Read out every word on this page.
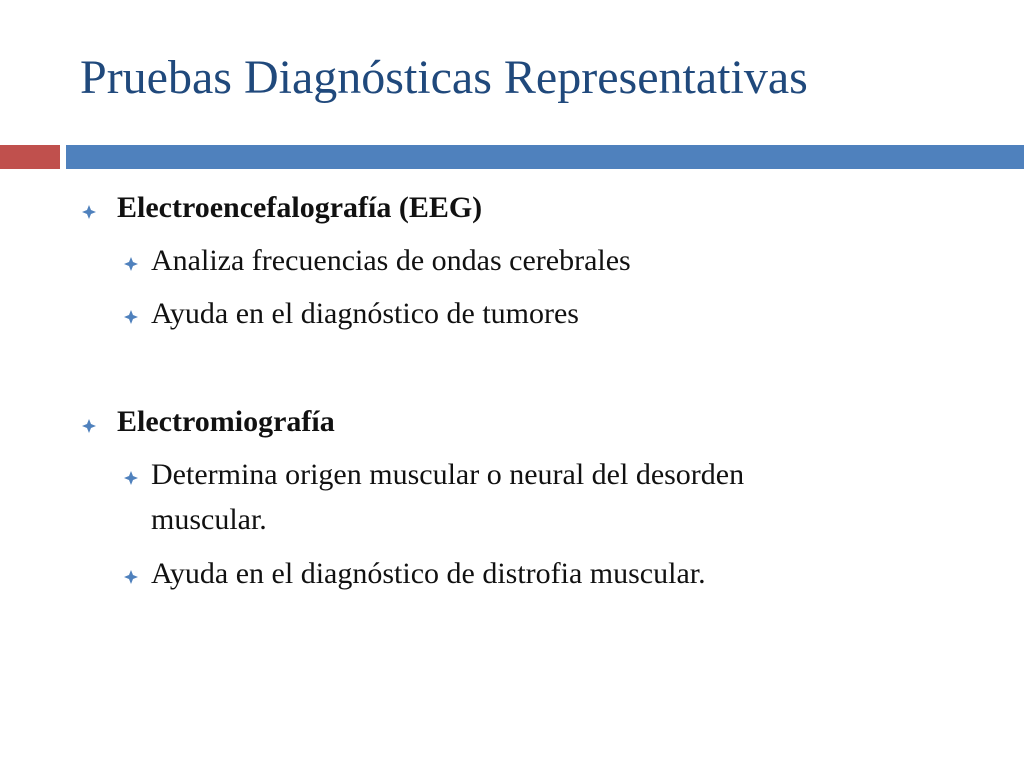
Pruebas Diagnósticas Representativas
Electroencefalografía (EEG)
Analiza frecuencias de ondas cerebrales
Ayuda en el diagnóstico de tumores
Electromiografía
Determina origen muscular o neural del desorden
muscular.
Ayuda en el diagnóstico de distrofia muscular.
